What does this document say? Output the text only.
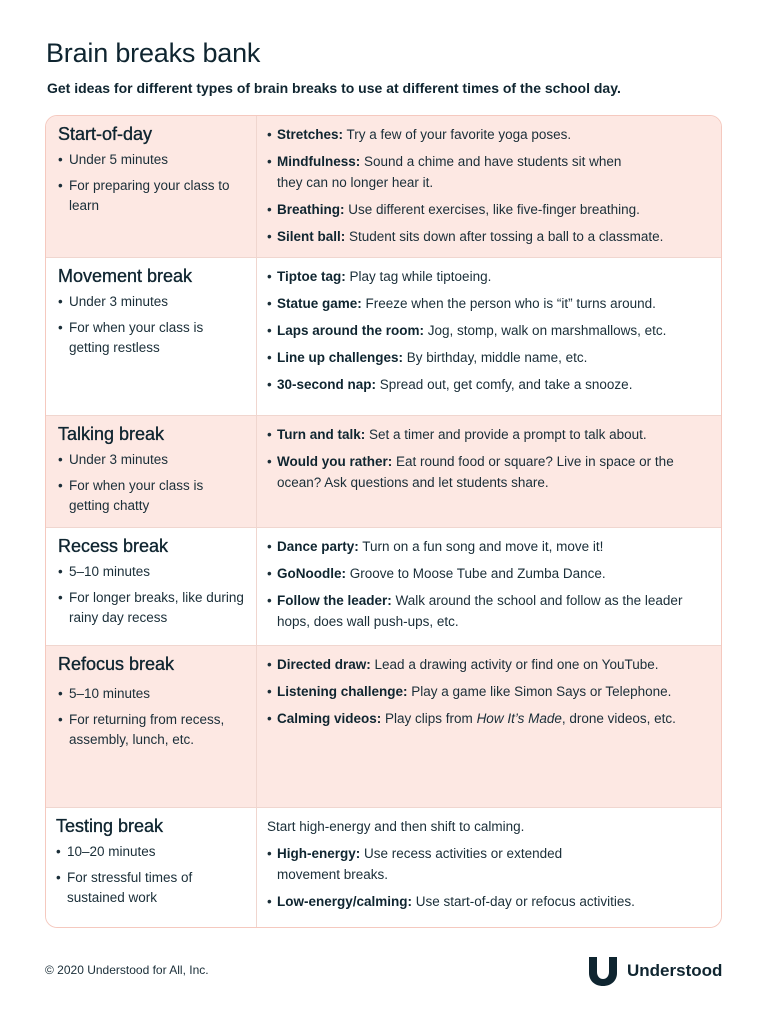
Brain breaks bank

Get ideas for different types of brain breaks to use at different times of the school day.

Start-of-day
• Under 5 minutes
• For preparing your class to learn
• Stretches: Try a few of your favorite yoga poses.
• Mindfulness: Sound a chime and have students sit when they can no longer hear it.
• Breathing: Use different exercises, like five-finger breathing.
• Silent ball: Student sits down after tossing a ball to a classmate.
Movement break
• Under 3 minutes
• For when your class is getting restless
• Tiptoe tag: Play tag while tiptoeing.
• Statue game: Freeze when the person who is “it” turns around.
• Laps around the room: Jog, stomp, walk on marshmallows, etc.
• Line up challenges: By birthday, middle name, etc.
• 30-second nap: Spread out, get comfy, and take a snooze.
Talking break
• Under 3 minutes
• For when your class is getting chatty
• Turn and talk: Set a timer and provide a prompt to talk about.
• Would you rather: Eat round food or square? Live in space or the ocean? Ask questions and let students share.
Recess break
• 5–10 minutes
• For longer breaks, like during rainy day recess
• Dance party: Turn on a fun song and move it, move it!
• GoNoodle: Groove to Moose Tube and Zumba Dance.
• Follow the leader: Walk around the school and follow as the leader hops, does wall push-ups, etc.
Refocus break
• 5–10 minutes
• For returning from recess, assembly, lunch, etc.
• Directed draw: Lead a drawing activity or find one on YouTube.
• Listening challenge: Play a game like Simon Says or Telephone.
• Calming videos: Play clips from How It’s Made, drone videos, etc.
Testing break
• 10–20 minutes
• For stressful times of sustained work

Start high-energy and then shift to calming.

• High-energy: Use recess activities or extended movement breaks.
• Low-energy/calming: Use start-of-day or refocus activities.
© 2020 Understood for All, Inc.	Understood
